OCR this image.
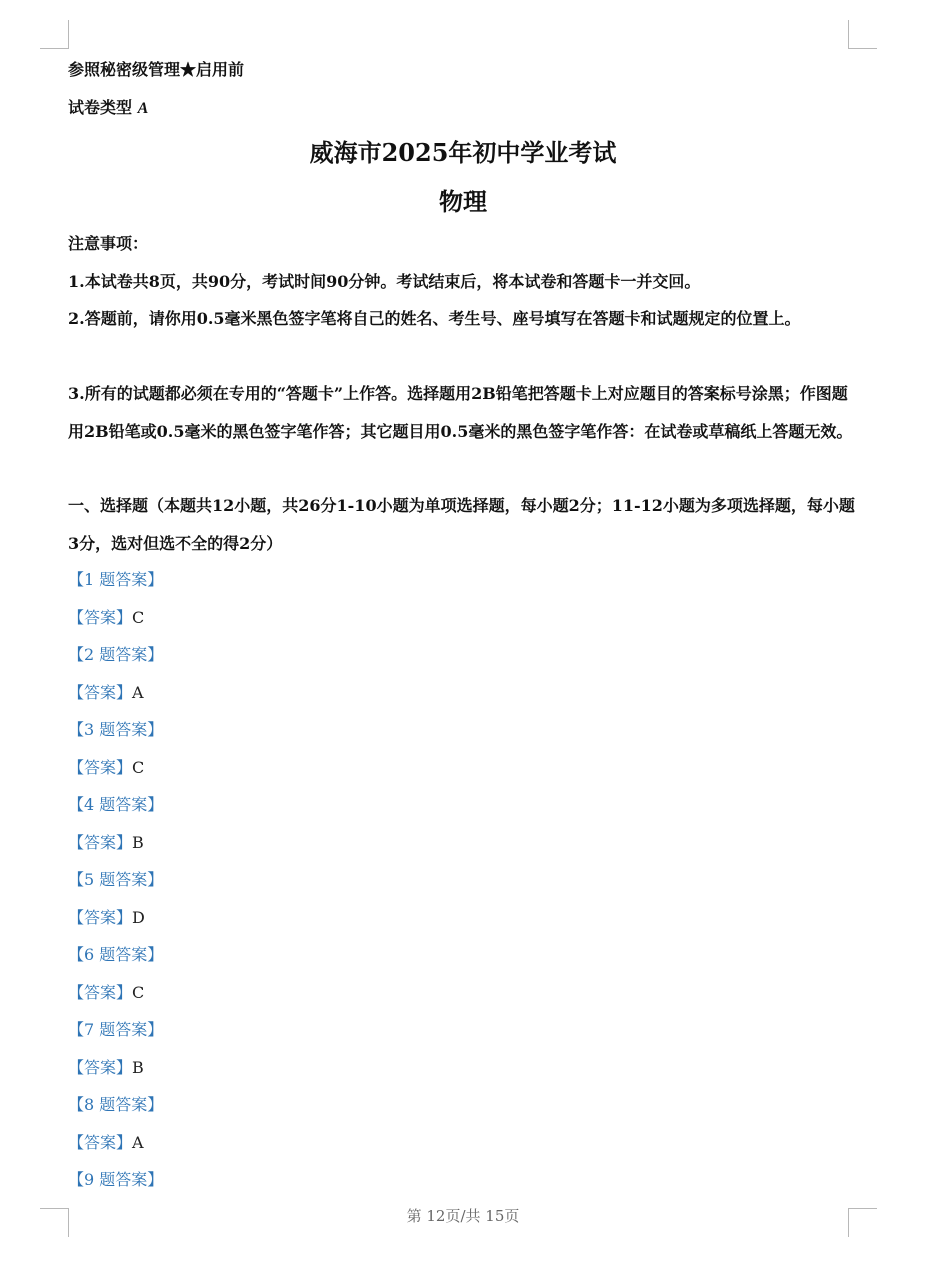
参照秘密级管理★启用前
试卷类型 A
威海市2025年初中学业考试
物理
注意事项：
1.本试卷共8页，共90分，考试时间90分钟。考试结束后，将本试卷和答题卡一并交回。
2.答题前，请你用0.5毫米黑色签字笔将自己的姓名、考生号、座号填写在答题卡和试题规定的位置上。
3.所有的试题都必须在专用的“答题卡”上作答。选择题用2B铅笔把答题卡上对应题目的答案标号涂黑；作图题用2B铅笔或0.5毫米的黑色签字笔作答；其它题目用0.5毫米的黑色签字笔作答：在试卷或草稿纸上答题无效。
一、选择题（本题共12小题，共26分1-10小题为单项选择题，每小题2分；11-12小题为多项选择题，每小题3分，选对但选不全的得2分）
【1 题答案】
【答案】C
【2 题答案】
【答案】A
【3 题答案】
【答案】C
【4 题答案】
【答案】B
【5 题答案】
【答案】D
【6 题答案】
【答案】C
【7 题答案】
【答案】B
【8 题答案】
【答案】A
【9 题答案】
第 12页/共 15页
